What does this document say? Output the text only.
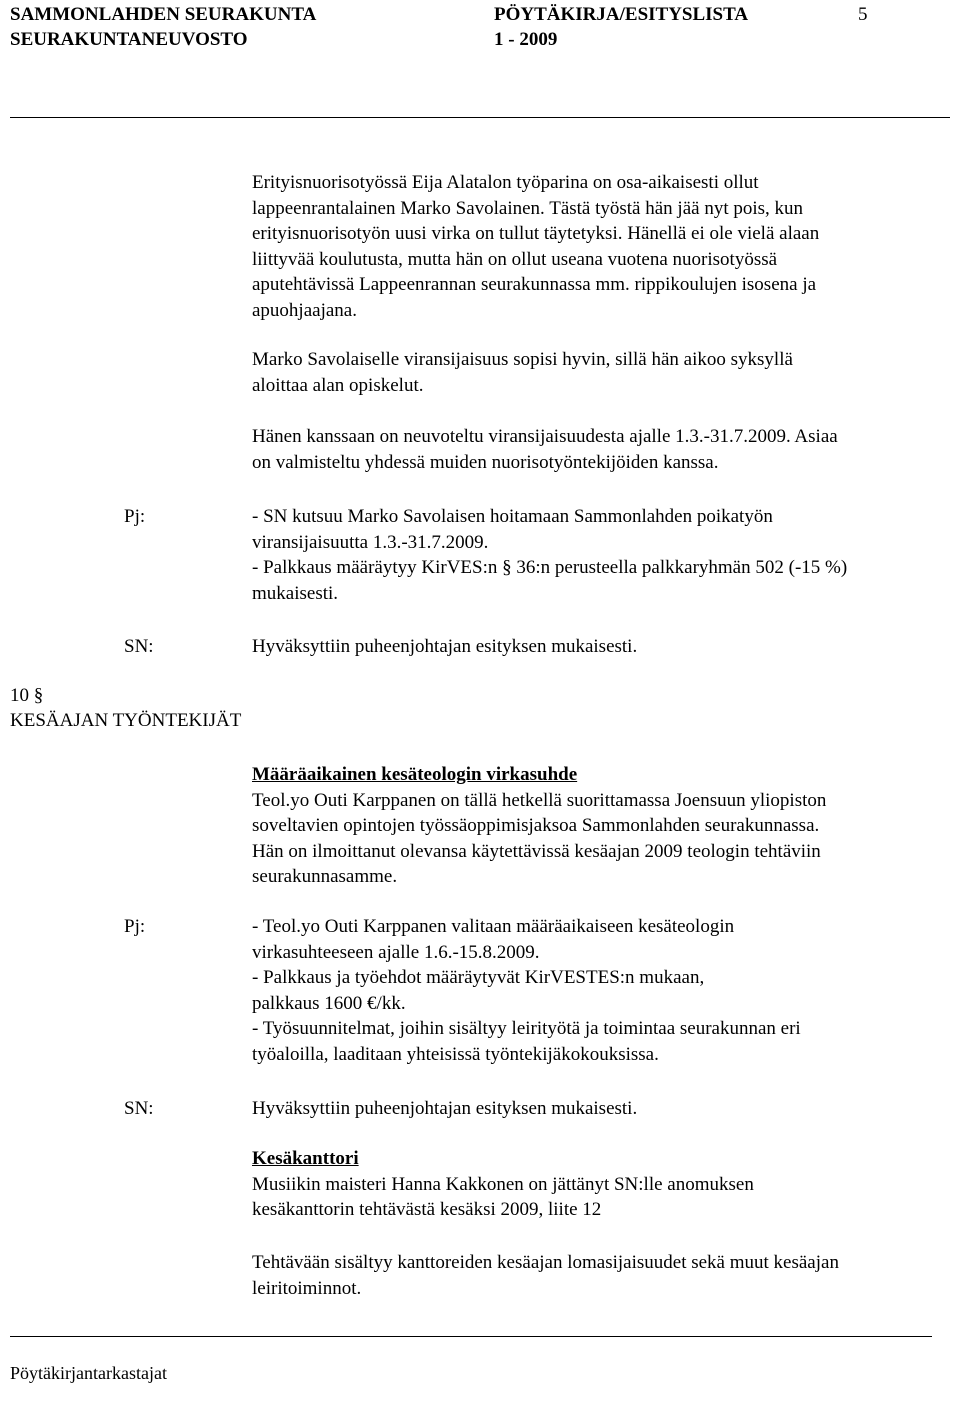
SAMMONLAHDEN SEURAKUNTA
SEURAKUNTANEUVOSTO
PÖYTÄKIRJA/ESITYSLISTA
1 - 2009
5

Erityisnuorisotyössä Eija Alatalon työparina on osa-aikaisesti ollut
lappeenrantalainen Marko Savolainen. Tästä työstä hän jää nyt pois, kun
erityisnuorisotyön uusi virka on tullut täytetyksi. Hänellä ei ole vielä alaan
liittyvää koulutusta, mutta hän on ollut useana vuotena nuorisotyössä
aputehtävissä Lappeenrannan seurakunnassa mm. rippikoulujen isosena ja
apuohjaajana.

Marko Savolaiselle viransijaisuus sopisi hyvin, sillä hän aikoo syksyllä
aloittaa alan opiskelut.

Hänen kanssaan on neuvoteltu viransijaisuudesta ajalle 1.3.-31.7.2009. Asiaa
on valmisteltu yhdessä muiden nuorisotyöntekijöiden kanssa.

Pj:	- SN kutsuu Marko Savolaisen hoitamaan Sammonlahden poikatyön
viransijaisuutta 1.3.-31.7.2009.
- Palkkaus määräytyy KirVES:n § 36:n perusteella palkkaryhmän 502 (-15 %)
mukaisesti.

SN:	Hyväksyttiin puheenjohtajan esityksen mukaisesti.

10 §
KESÄAJAN TYÖNTEKIJÄT

Määräaikainen kesäteologin virkasuhde
Teol.yo Outi Karppanen on tällä hetkellä suorittamassa Joensuun yliopiston
soveltavien opintojen työssäoppimisjaksoa Sammonlahden seurakunnassa.
Hän on ilmoittanut olevansa käytettävissä kesäajan 2009 teologin tehtäviin
seurakunnasamme.

Pj:	- Teol.yo Outi Karppanen valitaan määräaikaiseen kesäteologin
virkasuhteeseen ajalle 1.6.-15.8.2009.
- Palkkaus ja työehdot määräytyvät KirVESTES:n mukaan,
palkkaus 1600 €/kk.
- Työsuunnitelmat, joihin sisältyy leirityötä ja toimintaa seurakunnan eri
työaloilla, laaditaan yhteisissä työntekijäkokouksissa.

SN:	Hyväksyttiin puheenjohtajan esityksen mukaisesti.

Kesäkanttori
Musiikin maisteri Hanna Kakkonen on jättänyt SN:lle anomuksen
kesäkanttorin tehtävästä kesäksi 2009, liite 12

Tehtävään sisältyy kanttoreiden kesäajan lomasijaisuudet sekä muut kesäajan
leiritoiminnot.

Pöytäkirjantarkastajat
